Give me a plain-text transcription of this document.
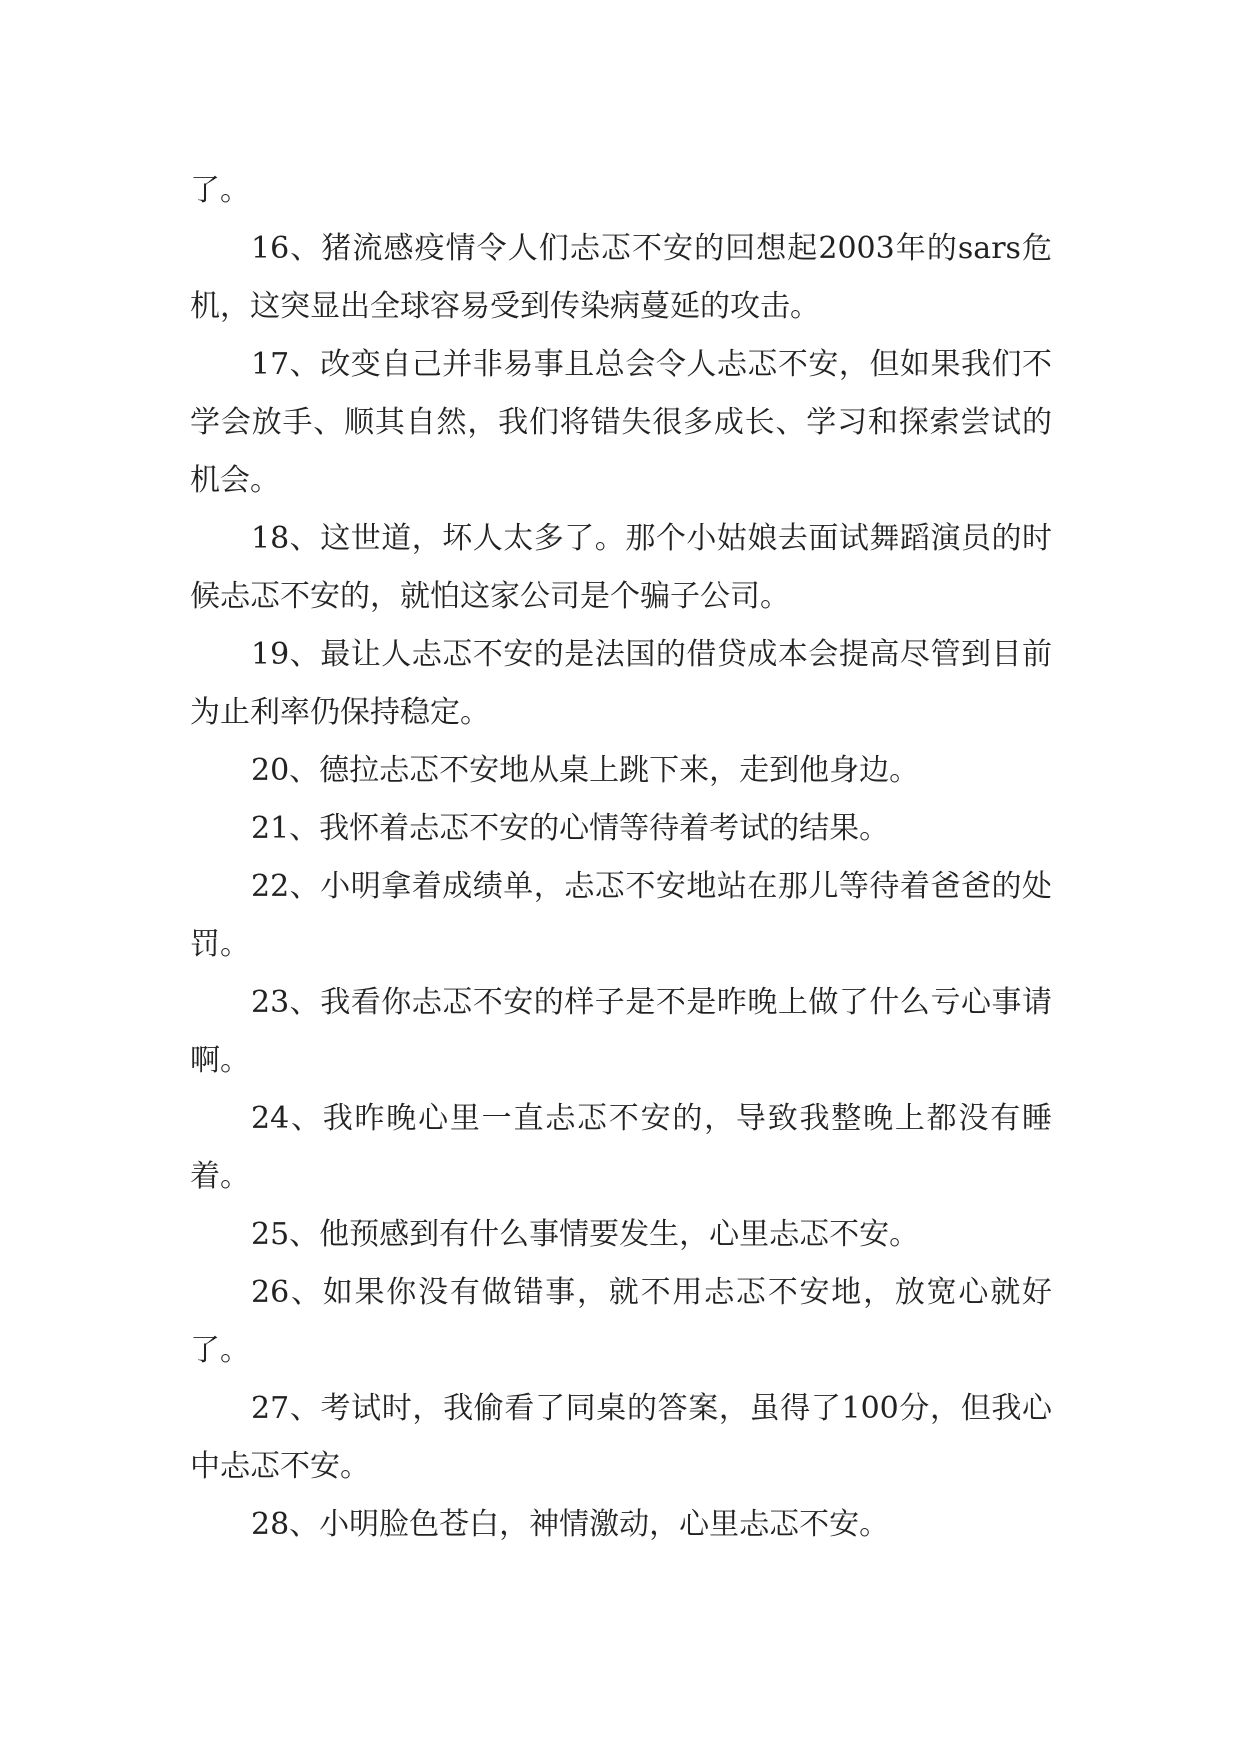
了。

16、猪流感疫情令人们忐忑不安的回想起2003年的sars危机，这突显出全球容易受到传染病蔓延的攻击。

17、改变自己并非易事且总会令人忐忑不安，但如果我们不学会放手、顺其自然，我们将错失很多成长、学习和探索尝试的机会。

18、这世道，坏人太多了。那个小姑娘去面试舞蹈演员的时候忐忑不安的，就怕这家公司是个骗子公司。

19、最让人忐忑不安的是法国的借贷成本会提高尽管到目前为止利率仍保持稳定。

20、德拉忐忑不安地从桌上跳下来，走到他身边。

21、我怀着忐忑不安的心情等待着考试的结果。

22、小明拿着成绩单，忐忑不安地站在那儿等待着爸爸的处罚。

23、我看你忐忑不安的样子是不是昨晚上做了什么亏心事请啊。

24、我昨晚心里一直忐忑不安的，导致我整晚上都没有睡着。

25、他预感到有什么事情要发生，心里忐忑不安。

26、如果你没有做错事，就不用忐忑不安地，放宽心就好了。

27、考试时，我偷看了同桌的答案，虽得了100分，但我心中忐忑不安。

28、小明脸色苍白，神情激动，心里忐忑不安。
